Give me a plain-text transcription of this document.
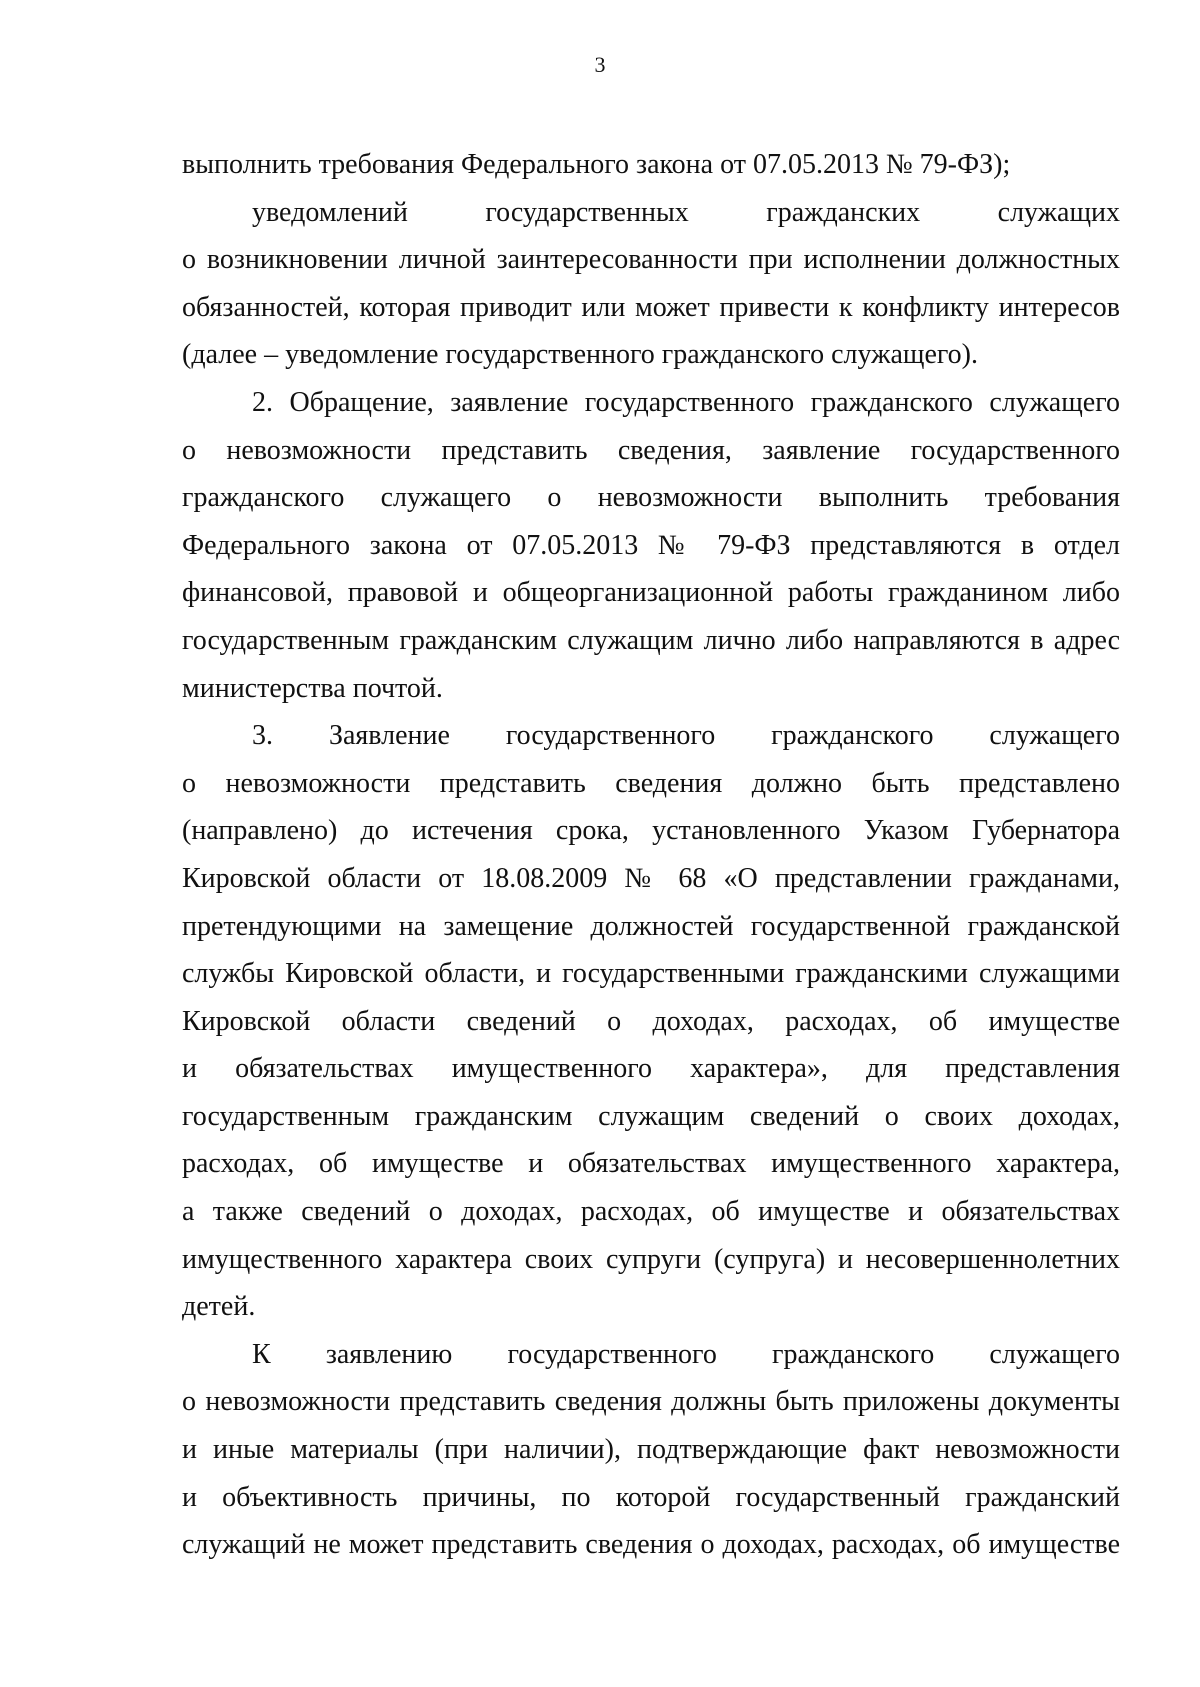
3
выполнить требования Федерального закона от 07.05.2013 № 79-ФЗ);
уведомлений государственных гражданских служащих
о возникновении личной заинтересованности при исполнении должностных
обязанностей, которая приводит или может привести к конфликту интересов
(далее – уведомление государственного гражданского служащего).
2. Обращение, заявление государственного гражданского служащего
о невозможности представить сведения, заявление государственного
гражданского служащего о невозможности выполнить требования
Федерального закона от 07.05.2013 № 79-ФЗ представляются в отдел
финансовой, правовой и общеорганизационной работы гражданином либо
государственным гражданским служащим лично либо направляются в адрес
министерства почтой.
3. Заявление государственного гражданского служащего
о невозможности представить сведения должно быть представлено
(направлено) до истечения срока, установленного Указом Губернатора
Кировской области от 18.08.2009 № 68 «О представлении гражданами,
претендующими на замещение должностей государственной гражданской
службы Кировской области, и государственными гражданскими служащими
Кировской области сведений о доходах, расходах, об имуществе
и обязательствах имущественного характера», для представления
государственным гражданским служащим сведений о своих доходах,
расходах, об имуществе и обязательствах имущественного характера,
а также сведений о доходах, расходах, об имуществе и обязательствах
имущественного характера своих супруги (супруга) и несовершеннолетних
детей.
К заявлению государственного гражданского служащего
о невозможности представить сведения должны быть приложены документы
и иные материалы (при наличии), подтверждающие факт невозможности
и объективность причины, по которой государственный гражданский
служащий не может представить сведения о доходах, расходах, об имуществе
